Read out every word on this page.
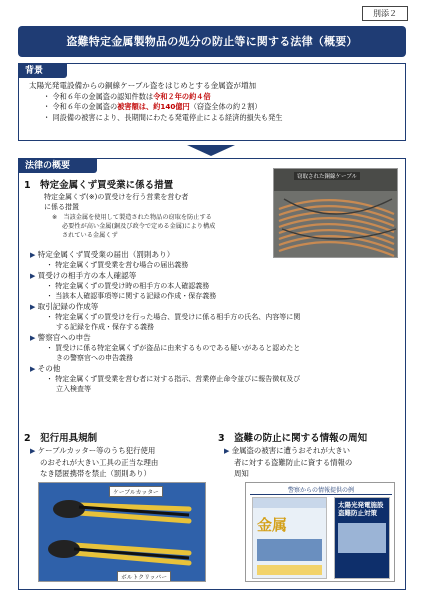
別添２
盗難特定金属製物品の処分の防止等に関する法律（概要）
背景
太陽光発電設備からの銅線ケーブル盗をはじめとする金属盗が増加
・ 令和６年の金属盗の認知件数は令和２年の約４倍
・ 令和６年の金属盗の被害額は、約140億円（窃盗全体の約２割）
・ 同設備の被害により、長期間にわたる発電停止による経済的損失も発生
法律の概要
1　特定金属くず買受業に係る措置
特定金属くず(※)の買受けを行う営業を営む者
に係る措置
※　当該金属を使用して製造された物品の窃取を防止する
必要性が高い金属(銅及び政令で定める金属)により構成
されている金属くず
窃取された銅線ケーブル
▶ 特定金属くず買受業の届出（罰則あり）
・ 特定金属くず買受業を営む場合の届出義務
▶ 買受けの相手方の本人確認等
・ 特定金属くずの買受け時の相手方の本人確認義務
・ 当該本人確認事項等に関する記録の作成・保存義務
▶ 取引記録の作成等
・ 特定金属くずの買受けを行った場合、買受けに係る相手方の氏名、内容等に関
する記録を作成・保存する義務
▶ 警察官への申告
・ 買受けに係る特定金属くずが盗品に由来するものである疑いがあると認めたと
きの警察官への申告義務
▶ その他
・ 特定金属くず買受業を営む者に対する指示、営業停止命令並びに報告徴収及び
立入検査等
2　犯行用具規制
▶ ケーブルカッター等のうち犯行使用
のおそれが大きい工具の正当な理由
なき隠匿携帯を禁止（罰則あり）
ケーブルカッター
ボルトクリッパー
3　盗難の防止に関する情報の周知
▶ 金属盗の被害に遭うおそれが大きい
者に対する盗難防止に資する情報の
周知
警察からの情報提供の例
金属
太陽光発電施設 盗難防止対策
